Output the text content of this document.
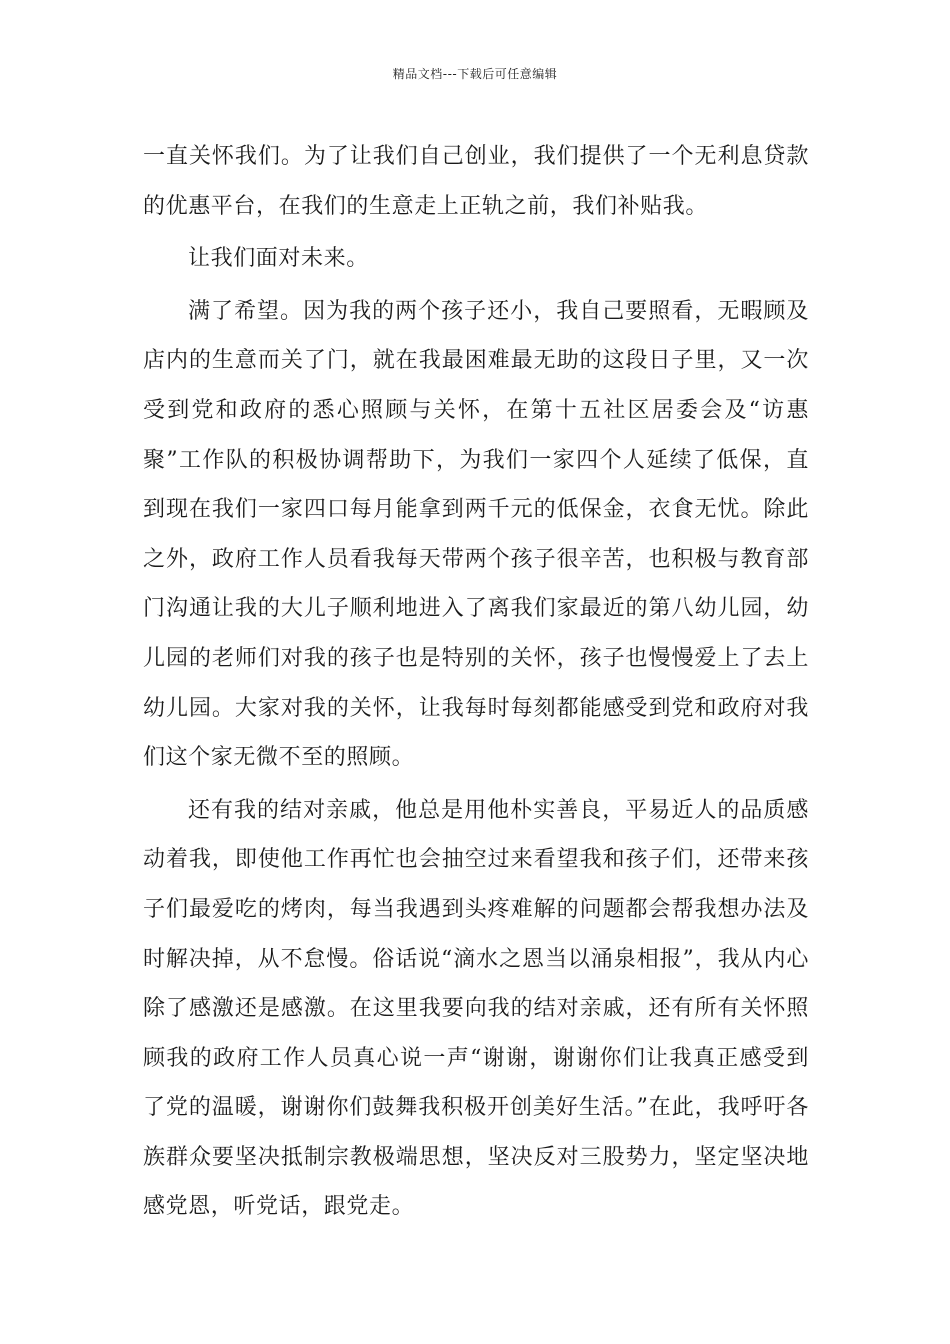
精品文档---下载后可任意编辑

一直关怀我们。为了让我们自己创业，我们提供了一个无利息贷款的优惠平台，在我们的生意走上正轨之前，我们补贴我。

让我们面对未来。

满了希望。因为我的两个孩子还小，我自己要照看，无暇顾及店内的生意而关了门，就在我最困难最无助的这段日子里，又一次受到党和政府的悉心照顾与关怀，在第十五社区居委会及“访惠聚”工作队的积极协调帮助下，为我们一家四个人延续了低保，直到现在我们一家四口每月能拿到两千元的低保金，衣食无忧。除此之外，政府工作人员看我每天带两个孩子很辛苦，也积极与教育部门沟通让我的大儿子顺利地进入了离我们家最近的第八幼儿园，幼儿园的老师们对我的孩子也是特别的关怀，孩子也慢慢爱上了去上幼儿园。大家对我的关怀，让我每时每刻都能感受到党和政府对我们这个家无微不至的照顾。

还有我的结对亲戚，他总是用他朴实善良，平易近人的品质感动着我，即使他工作再忙也会抽空过来看望我和孩子们，还带来孩子们最爱吃的烤肉，每当我遇到头疼难解的问题都会帮我想办法及时解决掉，从不怠慢。俗话说“滴水之恩当以涌泉相报”，我从内心除了感激还是感激。在这里我要向我的结对亲戚，还有所有关怀照顾我的政府工作人员真心说一声“谢谢，谢谢你们让我真正感受到了党的温暖，谢谢你们鼓舞我积极开创美好生活。”在此，我呼吁各族群众要坚决抵制宗教极端思想，坚决反对三股势力，坚定坚决地感党恩，听党话，跟党走。
